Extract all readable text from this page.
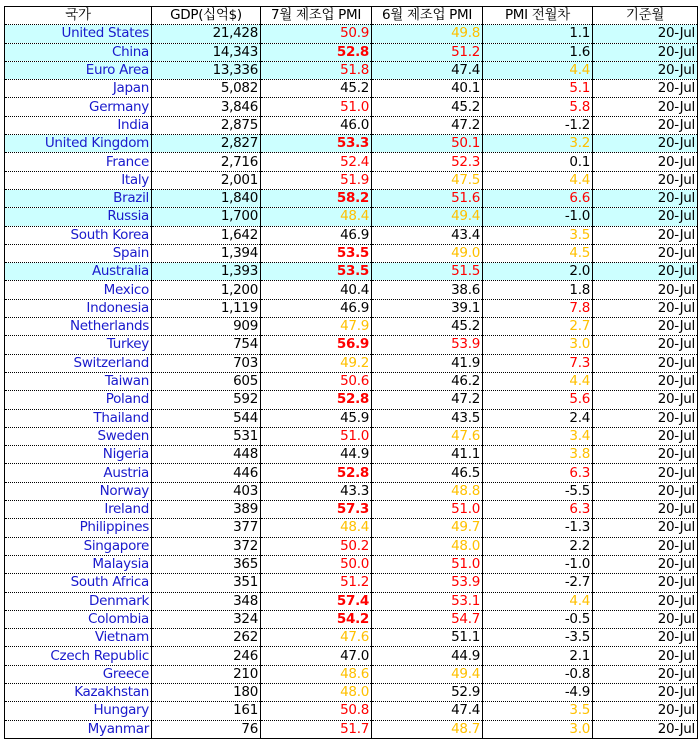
국가	GDP(십억$)	7월 제조업 PMI	6월 제조업 PMI	PMI 전월차	기준월
United States	21,428	50.9	49.8	1.1	20-Jul
China	14,343	52.8	51.2	1.6	20-Jul
Euro Area	13,336	51.8	47.4	4.4	20-Jul
Japan	5,082	45.2	40.1	5.1	20-Jul
Germany	3,846	51.0	45.2	5.8	20-Jul
India	2,875	46.0	47.2	-1.2	20-Jul
United Kingdom	2,827	53.3	50.1	3.2	20-Jul
France	2,716	52.4	52.3	0.1	20-Jul
Italy	2,001	51.9	47.5	4.4	20-Jul
Brazil	1,840	58.2	51.6	6.6	20-Jul
Russia	1,700	48.4	49.4	-1.0	20-Jul
South Korea	1,642	46.9	43.4	3.5	20-Jul
Spain	1,394	53.5	49.0	4.5	20-Jul
Australia	1,393	53.5	51.5	2.0	20-Jul
Mexico	1,200	40.4	38.6	1.8	20-Jul
Indonesia	1,119	46.9	39.1	7.8	20-Jul
Netherlands	909	47.9	45.2	2.7	20-Jul
Turkey	754	56.9	53.9	3.0	20-Jul
Switzerland	703	49.2	41.9	7.3	20-Jul
Taiwan	605	50.6	46.2	4.4	20-Jul
Poland	592	52.8	47.2	5.6	20-Jul
Thailand	544	45.9	43.5	2.4	20-Jul
Sweden	531	51.0	47.6	3.4	20-Jul
Nigeria	448	44.9	41.1	3.8	20-Jul
Austria	446	52.8	46.5	6.3	20-Jul
Norway	403	43.3	48.8	-5.5	20-Jul
Ireland	389	57.3	51.0	6.3	20-Jul
Philippines	377	48.4	49.7	-1.3	20-Jul
Singapore	372	50.2	48.0	2.2	20-Jul
Malaysia	365	50.0	51.0	-1.0	20-Jul
South Africa	351	51.2	53.9	-2.7	20-Jul
Denmark	348	57.4	53.1	4.4	20-Jul
Colombia	324	54.2	54.7	-0.5	20-Jul
Vietnam	262	47.6	51.1	-3.5	20-Jul
Czech Republic	246	47.0	44.9	2.1	20-Jul
Greece	210	48.6	49.4	-0.8	20-Jul
Kazakhstan	180	48.0	52.9	-4.9	20-Jul
Hungary	161	50.8	47.4	3.5	20-Jul
Myanmar	76	51.7	48.7	3.0	20-Jul
